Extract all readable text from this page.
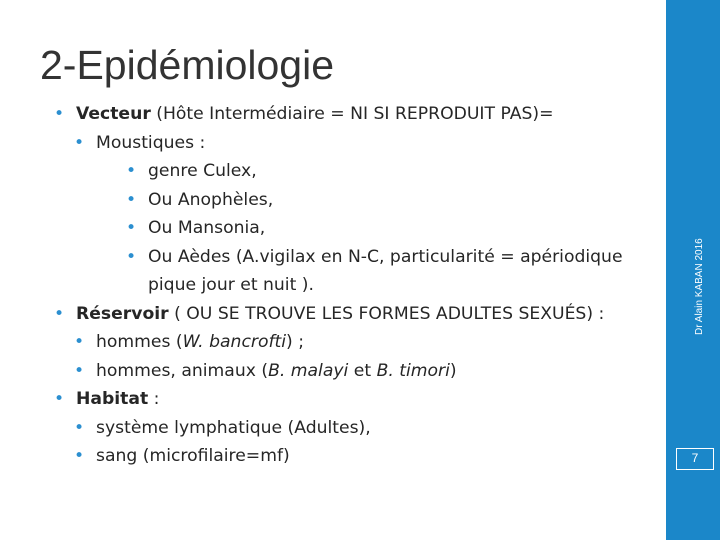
2-Epidémiologie
• Vecteur (Hôte Intermédiaire = NI SI REPRODUIT PAS)=
• Moustiques :
• genre Culex,
• Ou Anophèles,
• Ou Mansonia,
• Ou Aèdes (A.vigilax en N-C, particularité = apériodique
pique jour et nuit ).
• Réservoir ( OU SE TROUVE LES FORMES ADULTES SEXUÉS) :
• hommes (W. bancrofti) ;
• hommes, animaux (B. malayi et B. timori)
• Habitat :
• système lymphatique (Adultes),
• sang (microfilaire=mf)
Dr Alain KABAN 2016
7
